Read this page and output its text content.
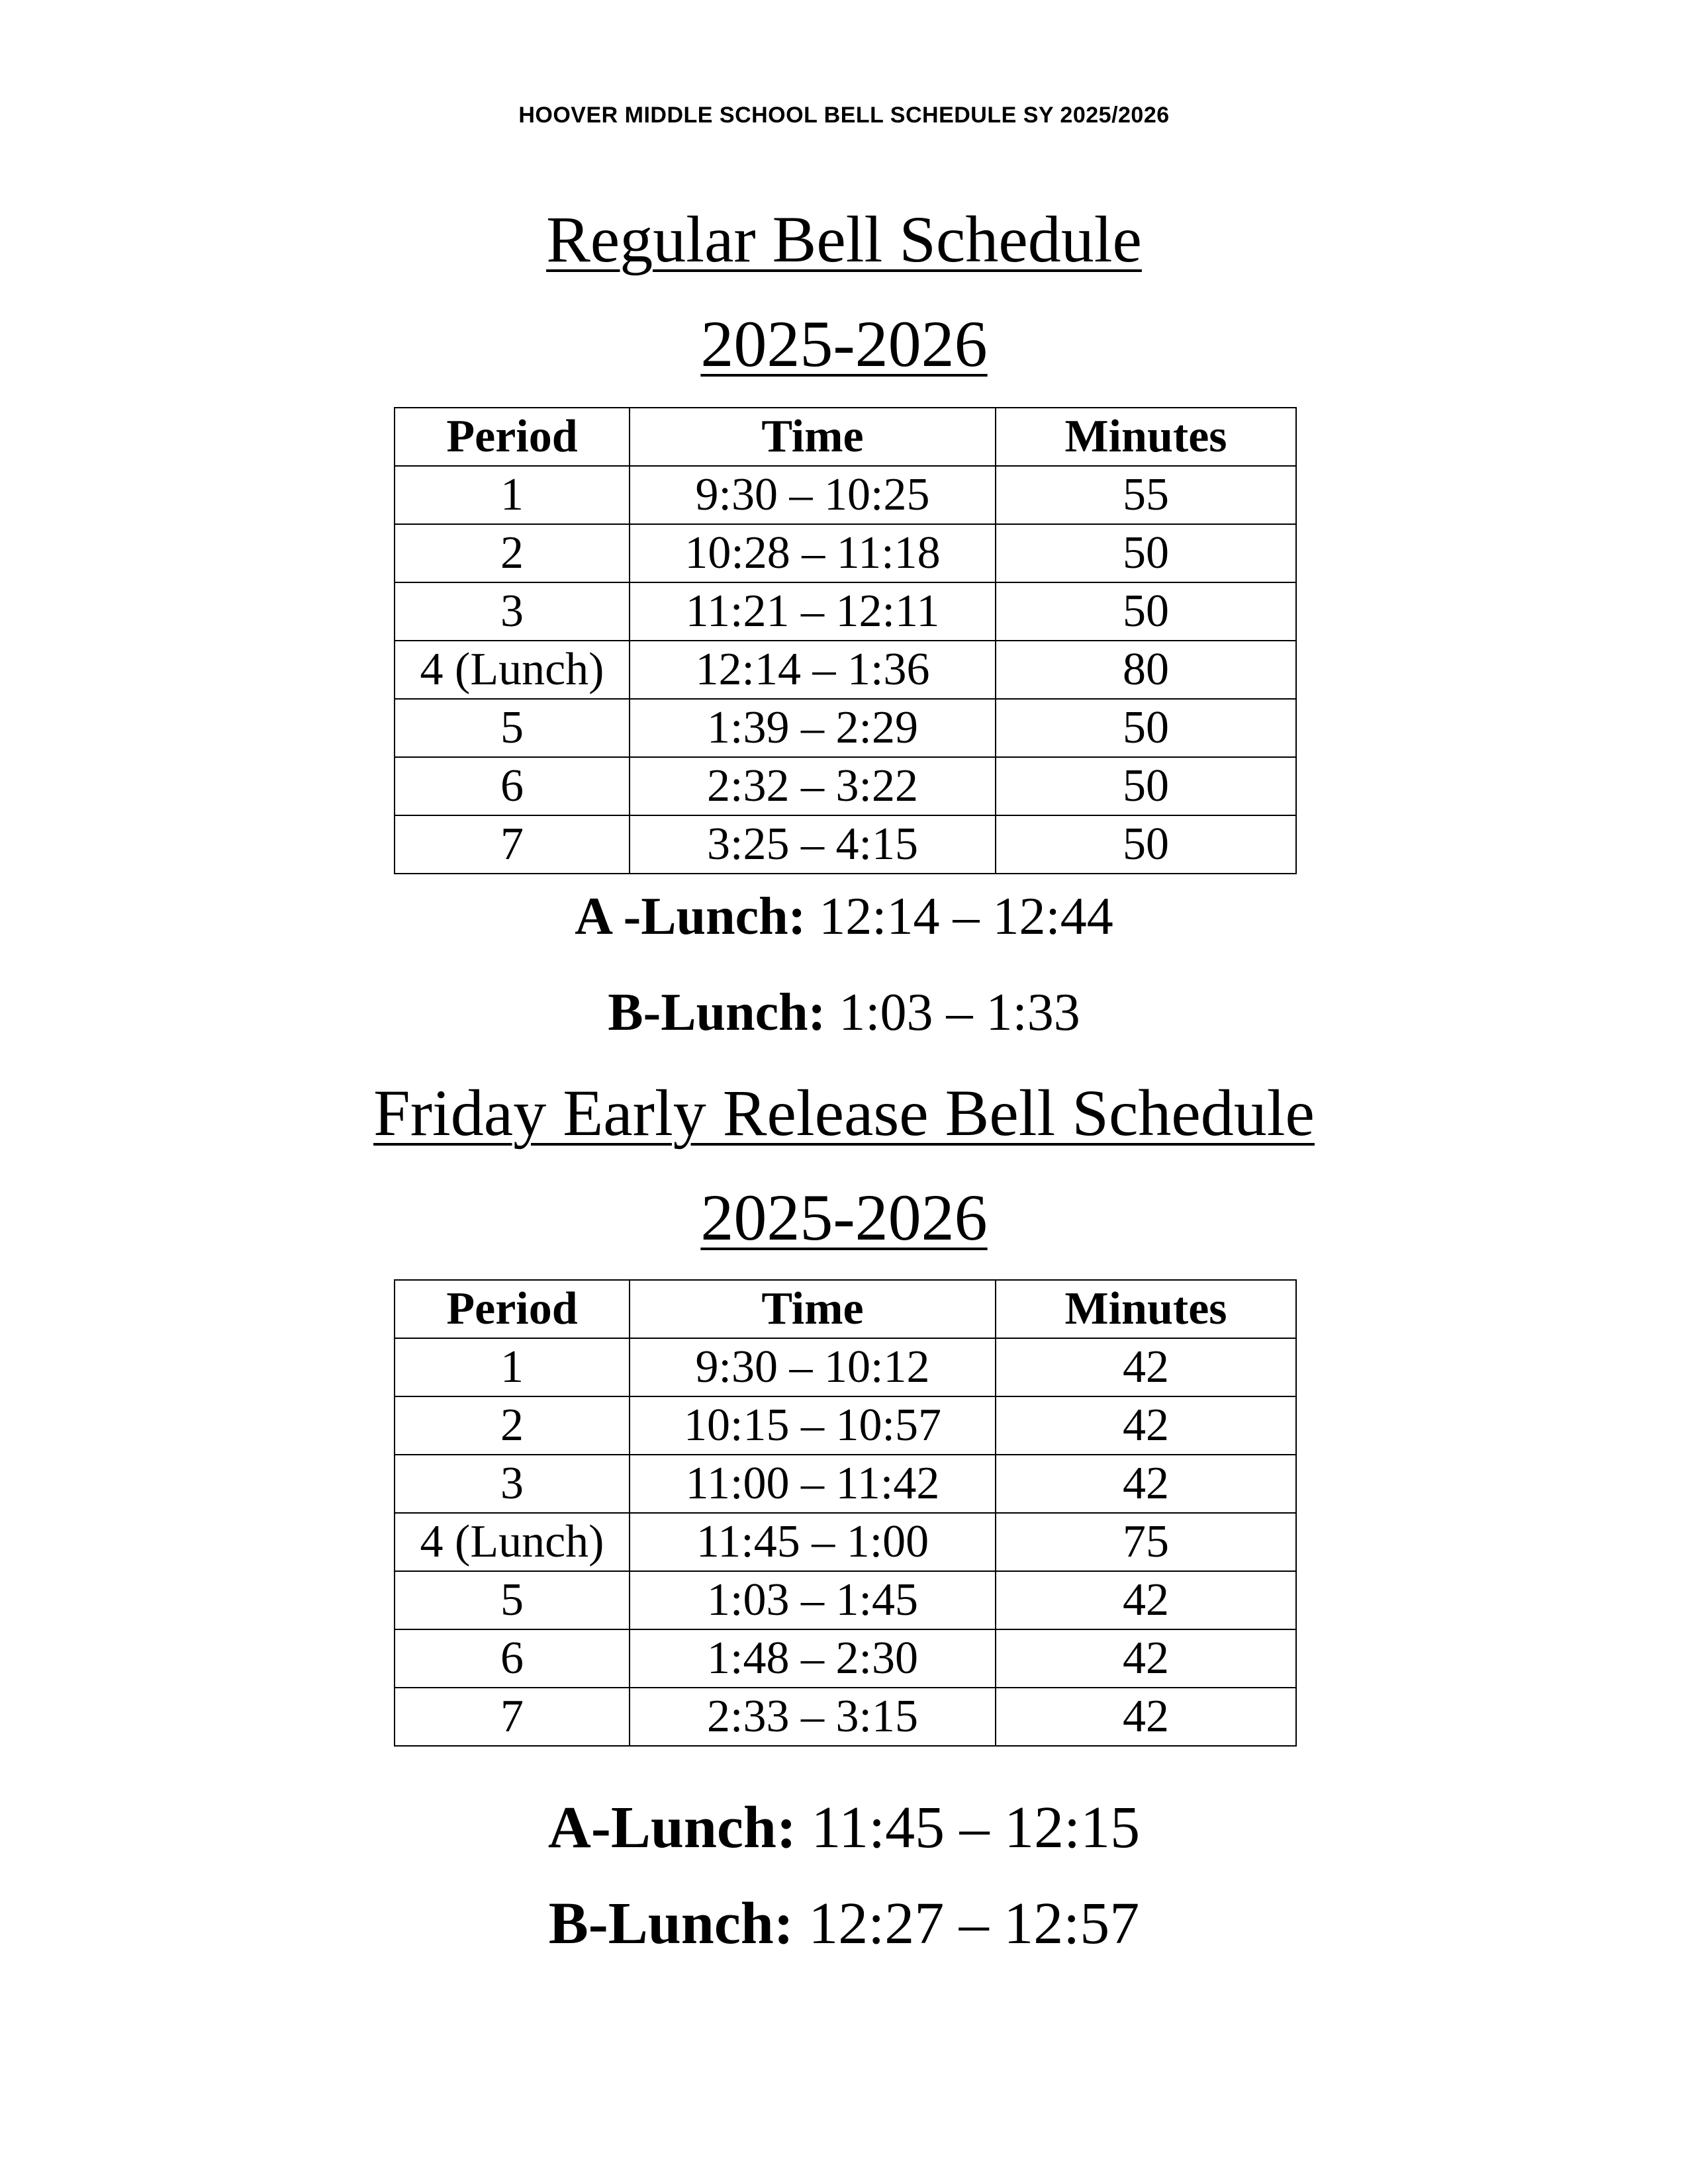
HOOVER MIDDLE SCHOOL BELL SCHEDULE SY 2025/2026
Regular Bell Schedule
2025-2026
Period	Time	Minutes
1	9:30 – 10:25	55
2	10:28 – 11:18	50
3	11:21 – 12:11	50
4 (Lunch)	12:14 – 1:36	80
5	1:39 – 2:29	50
6	2:32 – 3:22	50
7	3:25 – 4:15	50
A -Lunch: 12:14 – 12:44
B-Lunch: 1:03 – 1:33
Friday Early Release Bell Schedule
2025-2026
Period	Time	Minutes
1	9:30 – 10:12	42
2	10:15 – 10:57	42
3	11:00 – 11:42	42
4 (Lunch)	11:45 – 1:00	75
5	1:03 – 1:45	42
6	1:48 – 2:30	42
7	2:33 – 3:15	42
A-Lunch: 11:45 – 12:15
B-Lunch: 12:27 – 12:57
